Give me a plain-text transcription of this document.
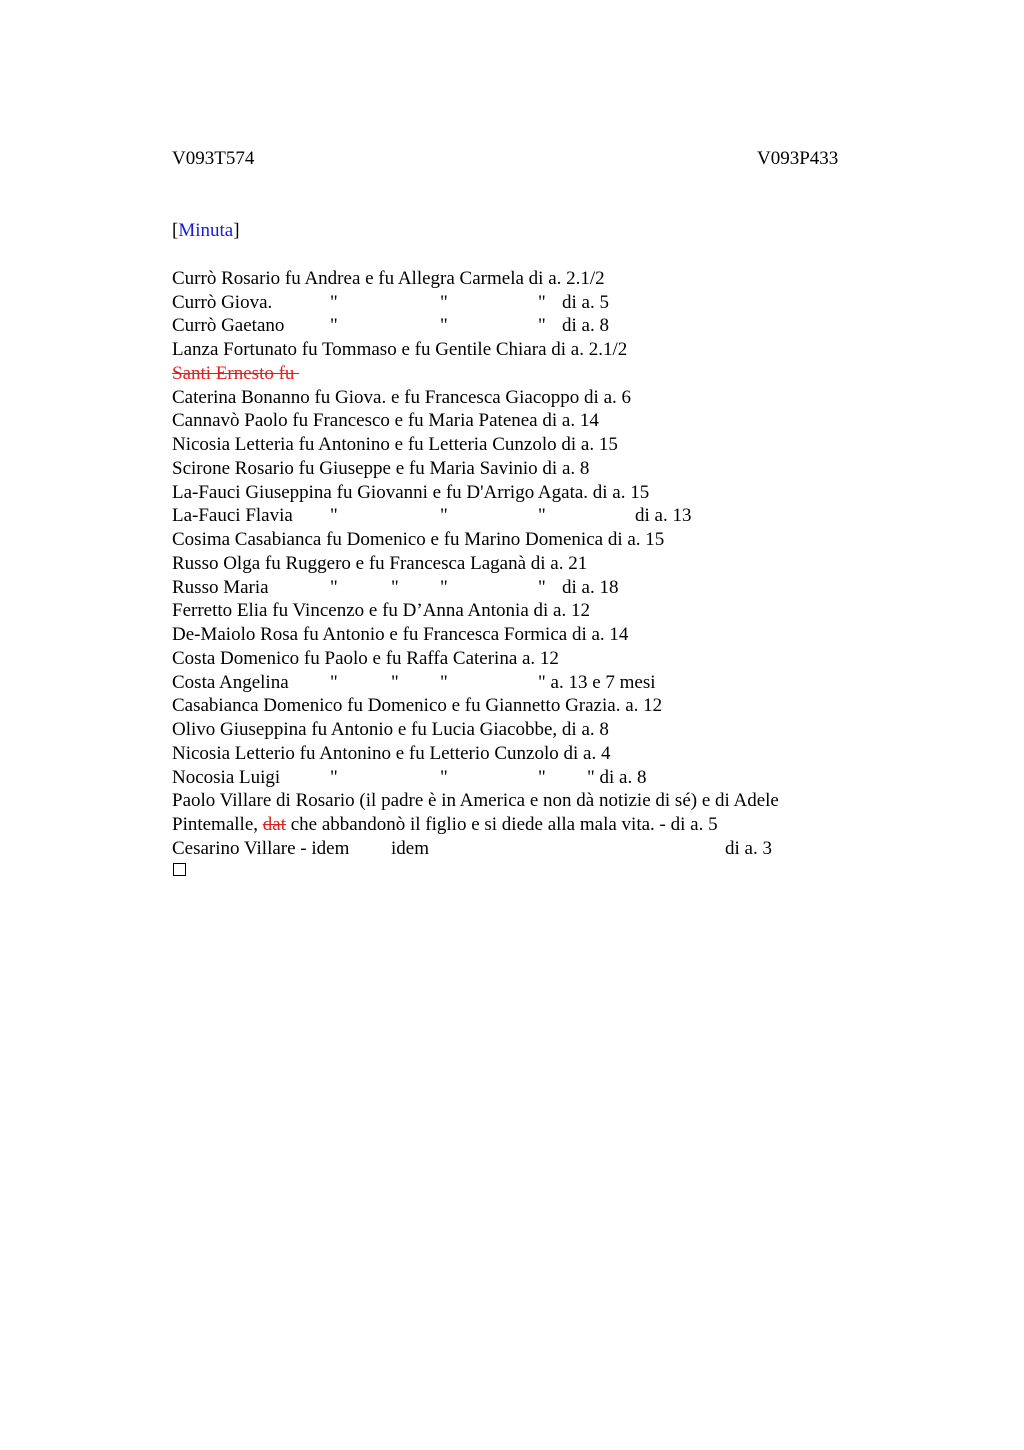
V093T574	V093P433
[Minuta]
Currò Rosario fu Andrea e fu Allegra Carmela di a. 2.1/2
Currò Giova.	"	"	" di a. 5
Currò Gaetano "	"	" di a. 8
Lanza Fortunato fu Tommaso e fu Gentile Chiara di a. 2.1/2
Santi Ernesto fu
Caterina Bonanno fu Giova. e fu Francesca Giacoppo di a. 6
Cannavò Paolo fu Francesco e fu Maria Patenea di a. 14
Nicosia Letteria fu Antonino e fu Letteria Cunzolo di a. 15
Scirone Rosario fu Giuseppe e fu Maria Savinio di a. 8
La-Fauci Giuseppina fu Giovanni e fu D'Arrigo Agata. di a. 15
La-Fauci Flavia "	"	"	di a. 13
Cosima Casabianca fu Domenico e fu Marino Domenica di a. 15
Russo Olga fu Ruggero e fu Francesca Laganà di a. 21
Russo Maria	"	" "	" di a. 18
Ferretto Elia fu Vincenzo e fu D’Anna Antonia di a. 12
De-Maiolo Rosa fu Antonio e fu Francesca Formica di a. 14
Costa Domenico fu Paolo e fu Raffa Caterina a. 12
Costa Angelina "	" "	" a. 13 e 7 mesi
Casabianca Domenico fu Domenico e fu Giannetto Grazia. a. 12
Olivo Giuseppina fu Antonio e fu Lucia Giacobbe, di a. 8
Nicosia Letterio fu Antonino e fu Letterio Cunzolo di a. 4
Nocosia Luigi	"	"	" " di a. 8
Paolo Villare di Rosario (il padre è in America e non dà notizie di sé) e di Adele
Pintemalle, dat che abbandonò il figlio e si diede alla mala vita. - di a. 5
Cesarino Villare - idem idem	di a. 3
